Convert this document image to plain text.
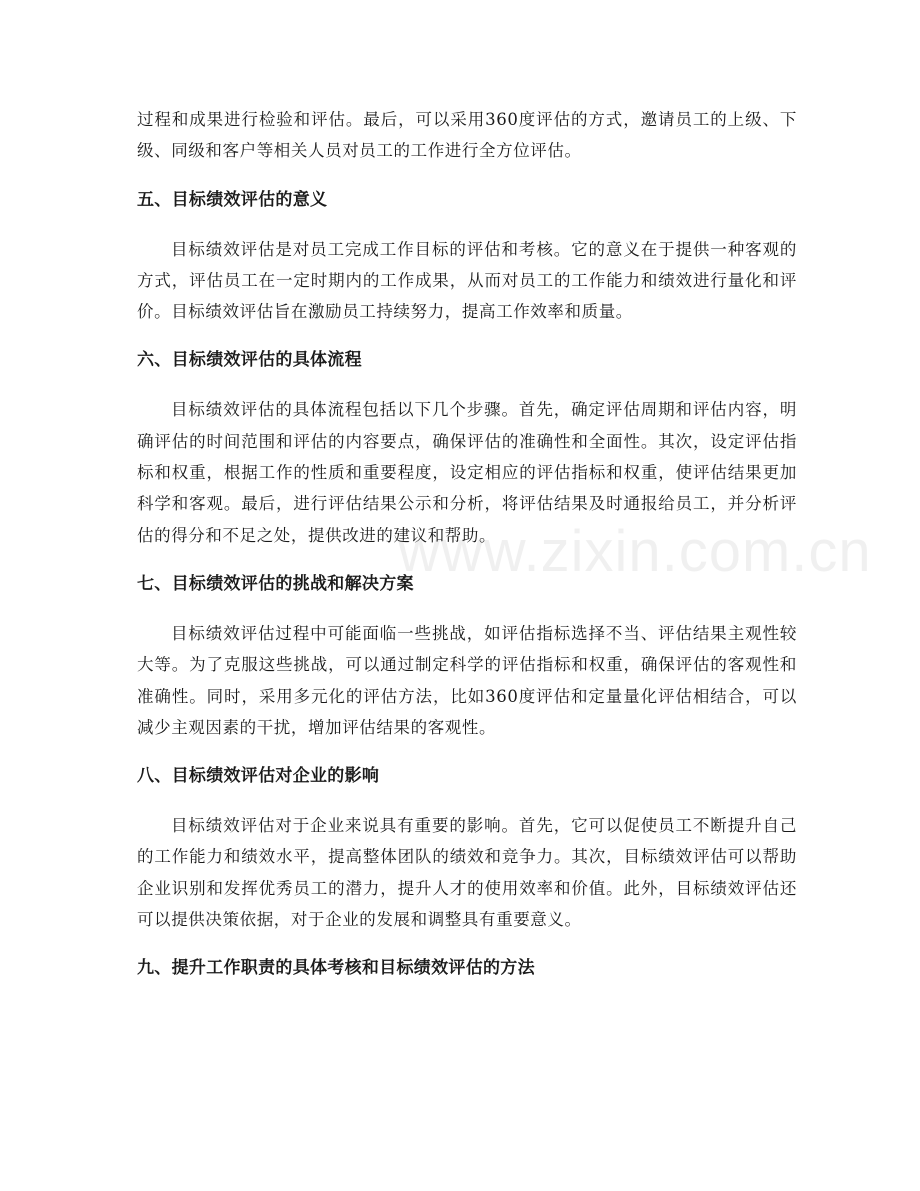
www.zixin.com.cn

过程和成果进行检验和评估。最后，可以采用360度评估的方式，邀请员工的上级、下级、同级和客户等相关人员对员工的工作进行全方位评估。

五、目标绩效评估的意义

目标绩效评估是对员工完成工作目标的评估和考核。它的意义在于提供一种客观的方式，评估员工在一定时期内的工作成果，从而对员工的工作能力和绩效进行量化和评价。目标绩效评估旨在激励员工持续努力，提高工作效率和质量。

六、目标绩效评估的具体流程

目标绩效评估的具体流程包括以下几个步骤。首先，确定评估周期和评估内容，明确评估的时间范围和评估的内容要点，确保评估的准确性和全面性。其次，设定评估指标和权重，根据工作的性质和重要程度，设定相应的评估指标和权重，使评估结果更加科学和客观。最后，进行评估结果公示和分析，将评估结果及时通报给员工，并分析评估的得分和不足之处，提供改进的建议和帮助。

七、目标绩效评估的挑战和解决方案

目标绩效评估过程中可能面临一些挑战，如评估指标选择不当、评估结果主观性较大等。为了克服这些挑战，可以通过制定科学的评估指标和权重，确保评估的客观性和准确性。同时，采用多元化的评估方法，比如360度评估和定量量化评估相结合，可以减少主观因素的干扰，增加评估结果的客观性。

八、目标绩效评估对企业的影响

目标绩效评估对于企业来说具有重要的影响。首先，它可以促使员工不断提升自己的工作能力和绩效水平，提高整体团队的绩效和竞争力。其次，目标绩效评估可以帮助企业识别和发挥优秀员工的潜力，提升人才的使用效率和价值。此外，目标绩效评估还可以提供决策依据，对于企业的发展和调整具有重要意义。

九、提升工作职责的具体考核和目标绩效评估的方法
